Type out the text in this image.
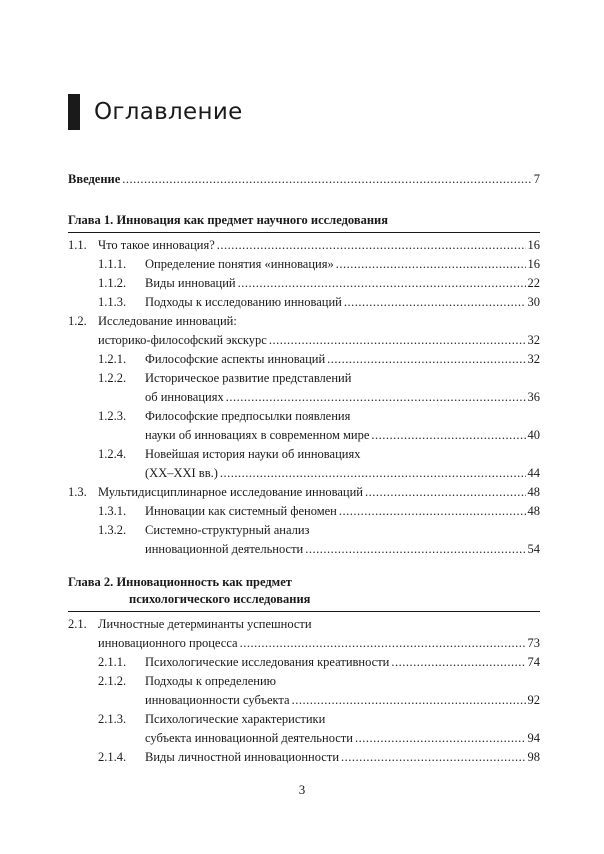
Оглавление
Введение .....	7
Глава 1. Инновация как предмет научного исследования
1.1. Что такое инновация? .....	16
1.1.1. Определение понятия «инновация» .....	16
1.1.2. Виды инноваций .....	22
1.1.3. Подходы к исследованию инноваций .....	30
1.2. Исследование инноваций:
историко-философский экскурс .....	32
1.2.1. Философские аспекты инноваций .....	32
1.2.2. Историческое развитие представлений
об инновациях .....	36
1.2.3. Философские предпосылки появления
науки об инновациях в современном мире .....	40
1.2.4. Новейшая история науки об инновациях
(XX–XXI вв.) .....	44
1.3. Мультидисциплинарное исследование инноваций .....	48
1.3.1. Инновации как системный феномен .....	48
1.3.2. Системно-структурный анализ
инновационной деятельности .....	54
Глава 2. Инновационность как предмет
психологического исследования
2.1. Личностные детерминанты успешности
инновационного процесса .....	73
2.1.1. Психологические исследования креативности .....	74
2.1.2. Подходы к определению
инновационности субъекта .....	92
2.1.3. Психологические характеристики
субъекта инновационной деятельности .....	94
2.1.4. Виды личностной инновационности .....	98
3
